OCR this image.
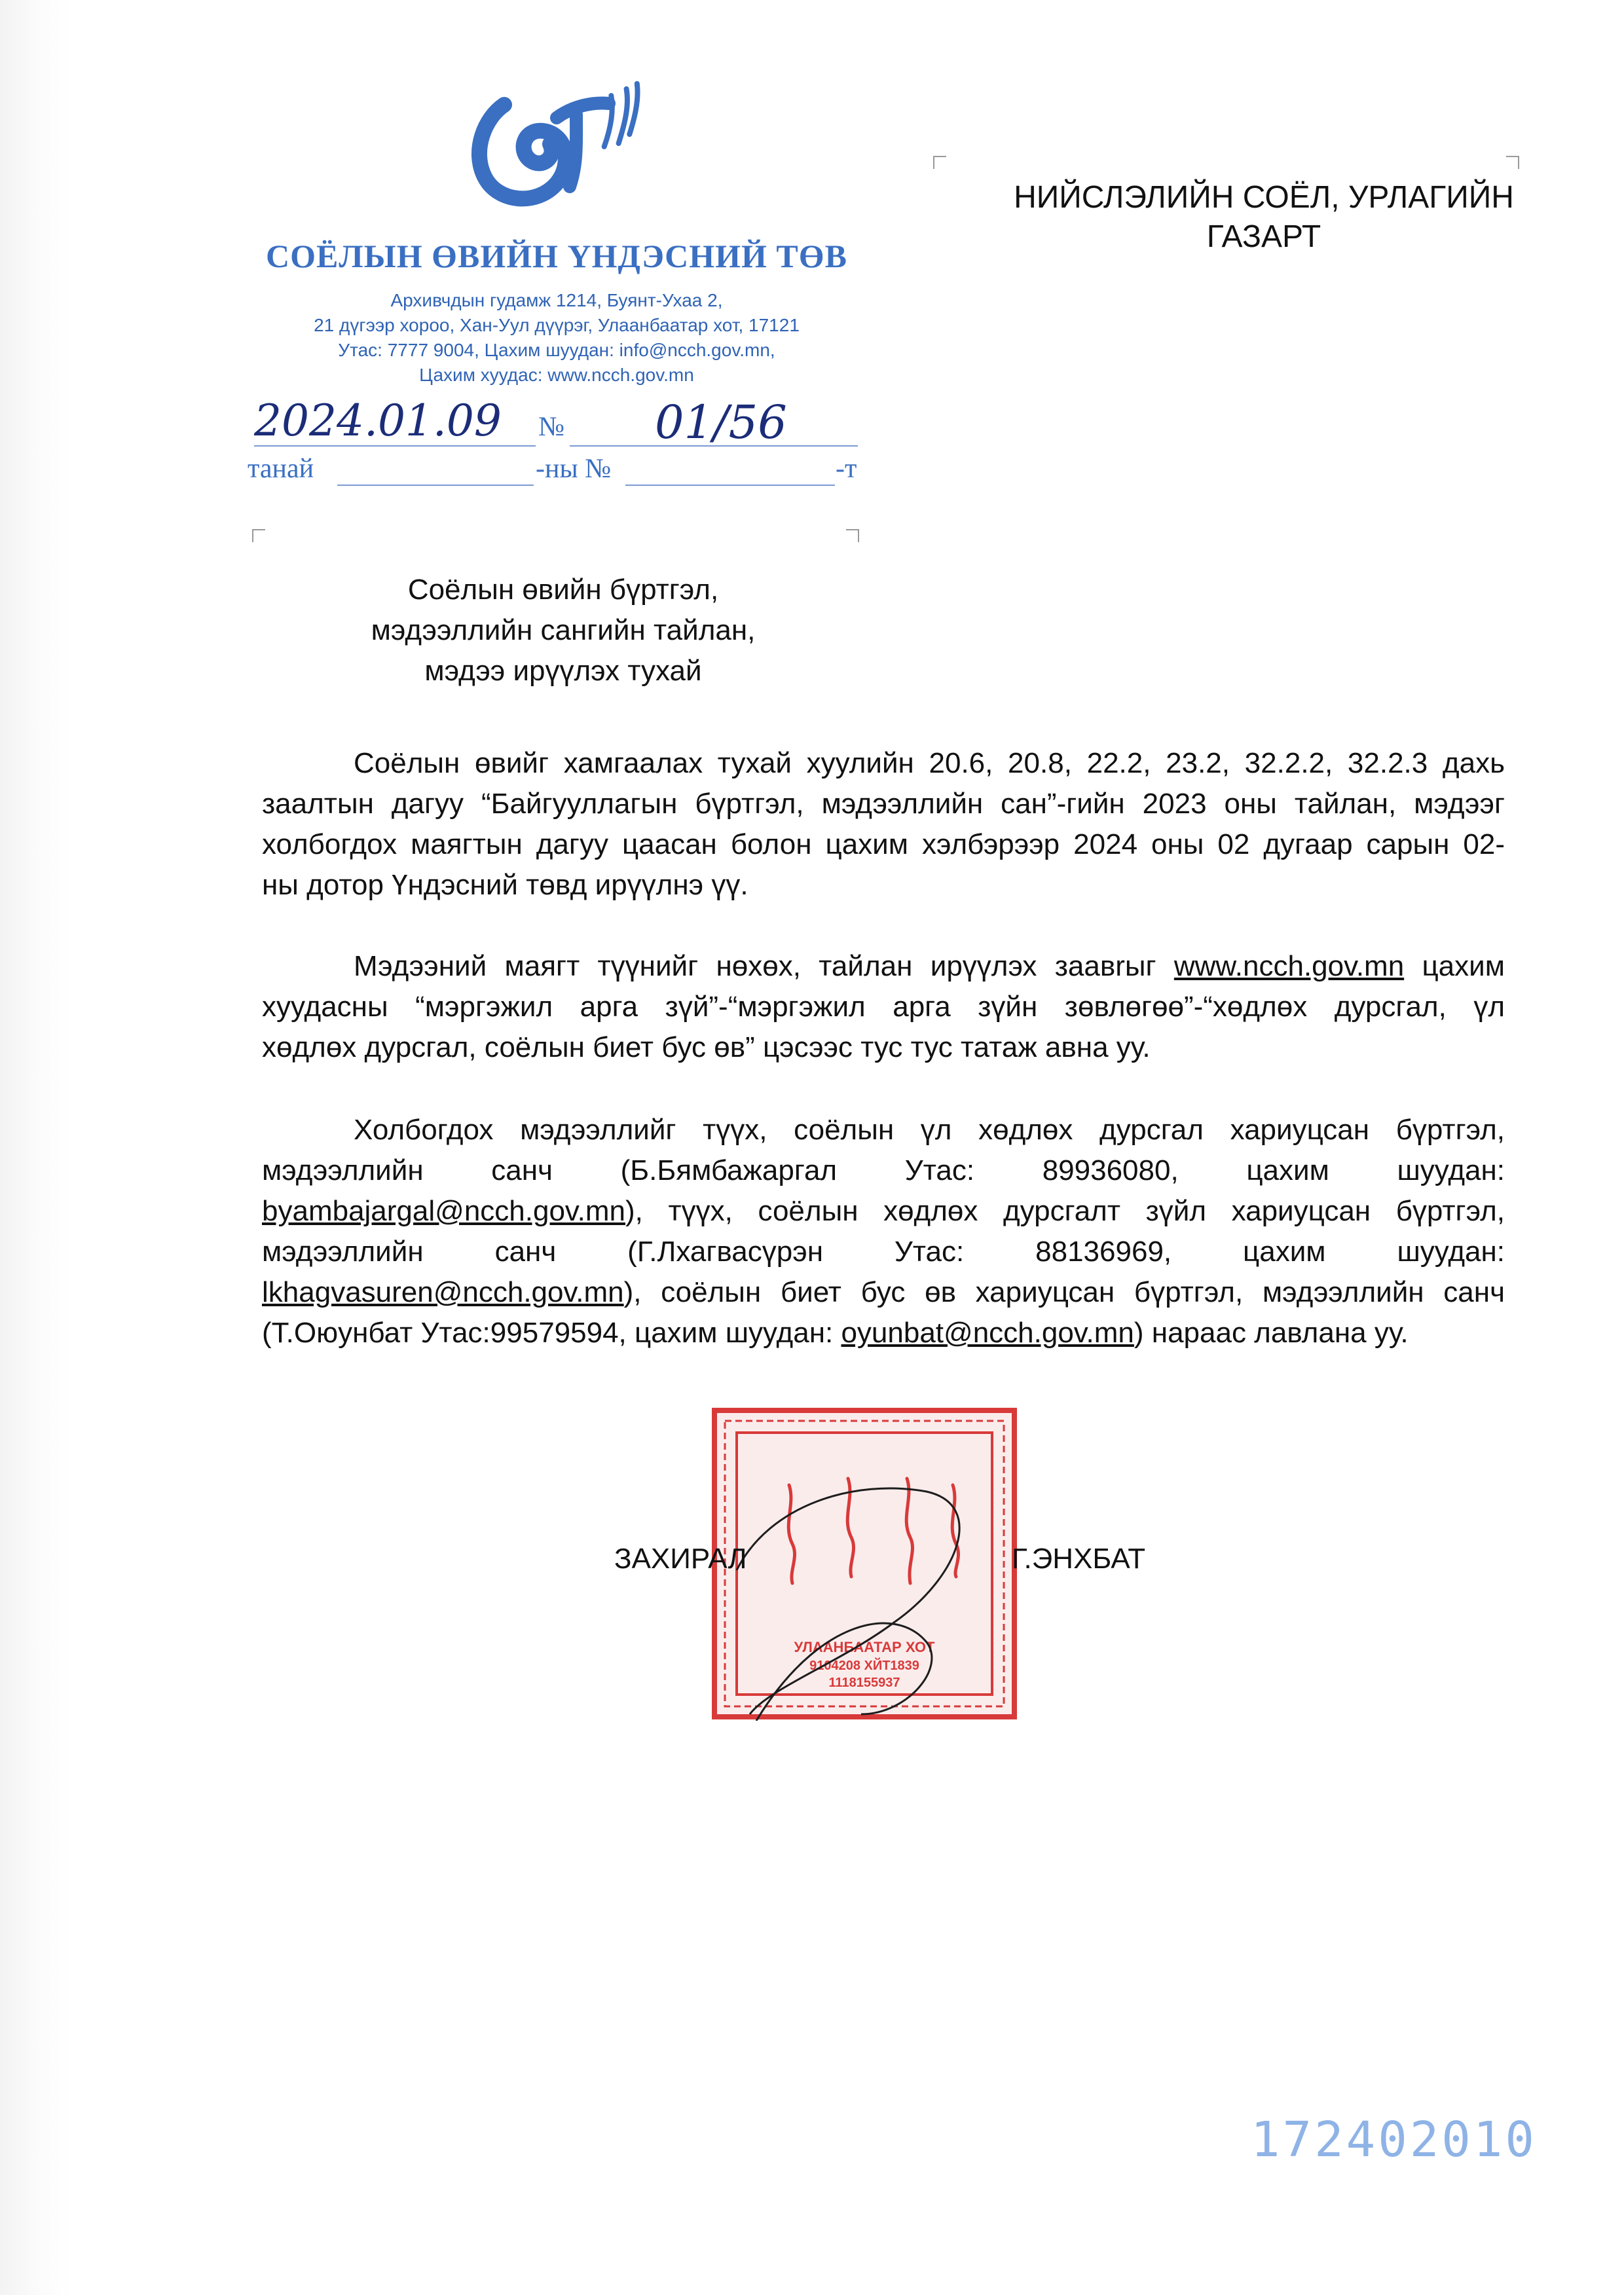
СОЁЛЫН ӨВИЙН ҮНДЭСНИЙ ТӨВ
Архивчдын гудамж 1214, Буянт-Ухаа 2,
21 дүгээр хороо, Хан-Уул дүүрэг, Улаанбаатар хот, 17121
Утас: 7777 9004, Цахим шуудан: info@ncch.gov.mn,
Цахим хуудас: www.ncch.gov.mn
2024.01.09 № 01/56
танай	-ны №	-т
НИЙСЛЭЛИЙН СОЁЛ, УРЛАГИЙН
ГАЗАРТ
Соёлын өвийн бүртгэл,
мэдээллийн сангийн тайлан,
мэдээ ирүүлэх тухай
Соёлын өвийг хамгаалах тухай хуулийн 20.6, 20.8, 22.2, 23.2, 32.2.2, 32.2.3 дахь
заалтын дагуу “Байгууллагын бүртгэл, мэдээллийн сан”-гийн 2023 оны тайлан, мэдээг
холбогдох маягтын дагуу цаасан болон цахим хэлбэрээр 2024 оны 02 дугаар сарын 02-
ны дотор Үндэсний төвд ирүүлнэ үү.
Мэдээний маягт түүнийг нөхөх, тайлан ирүүлэх заавrыг www.ncch.gov.mn цахим
хуудасны “мэргэжил арга зүй”-“мэргэжил арга зүйн зөвлөгөө”-“хөдлөх дурсгал, үл
хөдлөх дурсгал, соёлын биет бус өв” цэсээс тус тус татаж авна уу.
Холбогдох мэдээллийг түүх, соёлын үл хөдлөх дурсгал хариуцсан бүртгэл,
мэдээллийн санч (Б.Бямбажаргал Утас: 89936080, цахим шуудан:
byambajargal@ncch.gov.mn), түүх, соёлын хөдлөх дурсгалт зүйл хариуцсан бүртгэл,
мэдээллийн санч (Г.Лхагвасүрэн Утас: 88136969, цахим шуудан:
lkhagvasuren@ncch.gov.mn), соёлын биет бус өв хариуцсан бүртгэл, мэдээллийн санч
(Т.Оюунбат Утас:99579594, цахим шуудан: oyunbat@ncch.gov.mn) нараас лавлана уу.
УЛААНБААТАР ХОТ
9104208 ХЙТ1839
1118155937
ЗАХИРАЛ	Г.ЭНХБАТ
172402010
